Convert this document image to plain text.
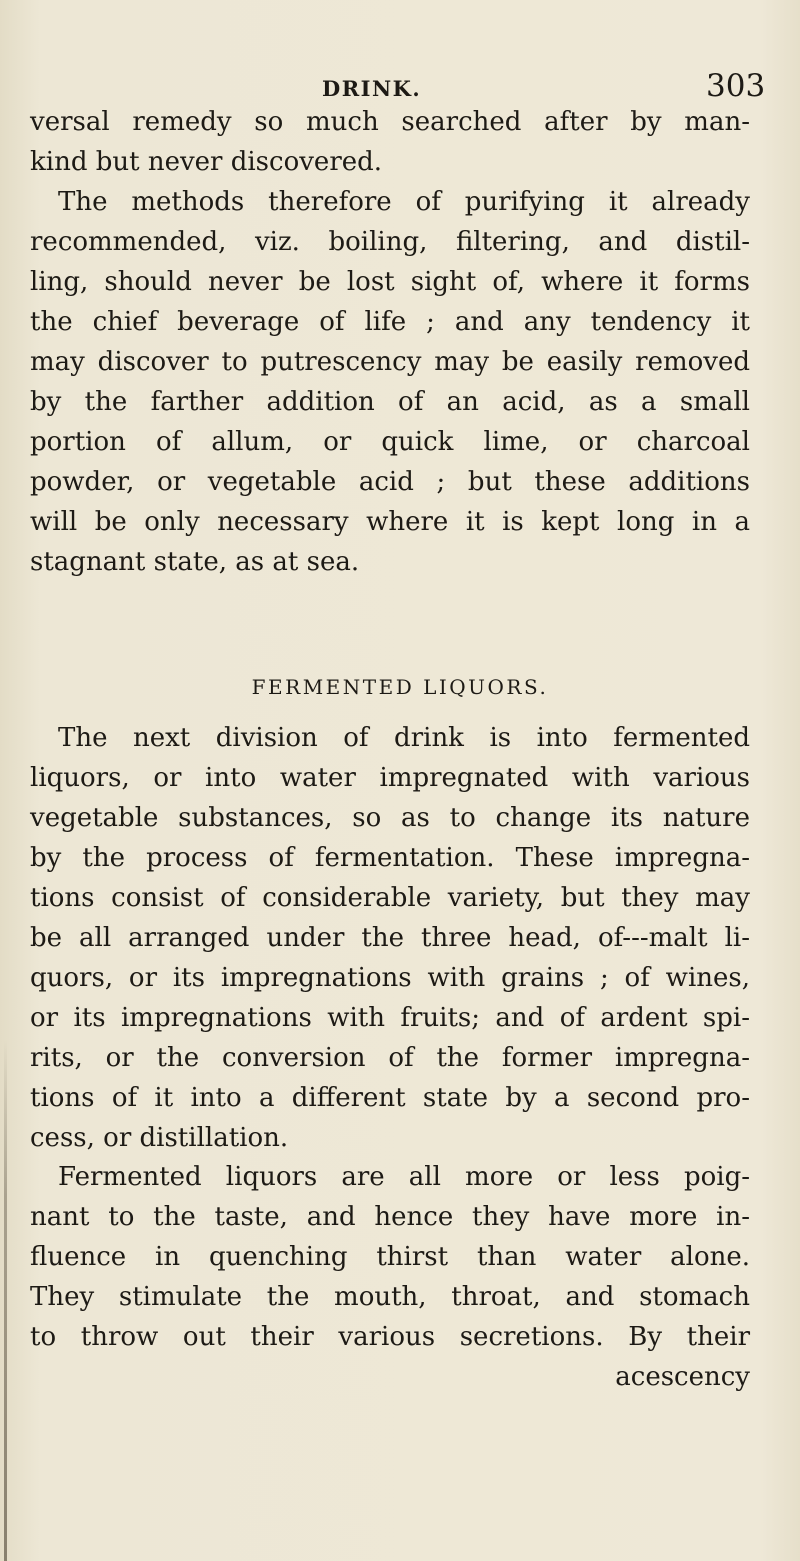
DRINK.	303

versal remedy so much searched after by man-
kind but never discovered.
The methods therefore of purifying it already
recommended, viz. boiling, filtering, and distil-
ling, should never be lost sight of, where it forms
the chief beverage of life ; and any tendency it
may discover to putrescency may be easily removed
by the farther addition of an acid, as a small
portion of allum, or quick lime, or charcoal
powder, or vegetable acid ; but these additions
will be only necessary where it is kept long in a
stagnant state, as at sea.

FERMENTED LIQUORS.

The next division of drink is into fermented
liquors, or into water impregnated with various
vegetable substances, so as to change its nature
by the process of fermentation. These impregna-
tions consist of considerable variety, but they may
be all arranged under the three head, of---malt li-
quors, or its impregnations with grains ; of wines,
or its impregnations with fruits; and of ardent spi-
rits, or the conversion of the former impregna-
tions of it into a different state by a second pro-
cess, or distillation.
Fermented liquors are all more or less poig-
nant to the taste, and hence they have more in-
fluence in quenching thirst than water alone.
They stimulate the mouth, throat, and stomach
to throw out their various secretions. By their
acescency
